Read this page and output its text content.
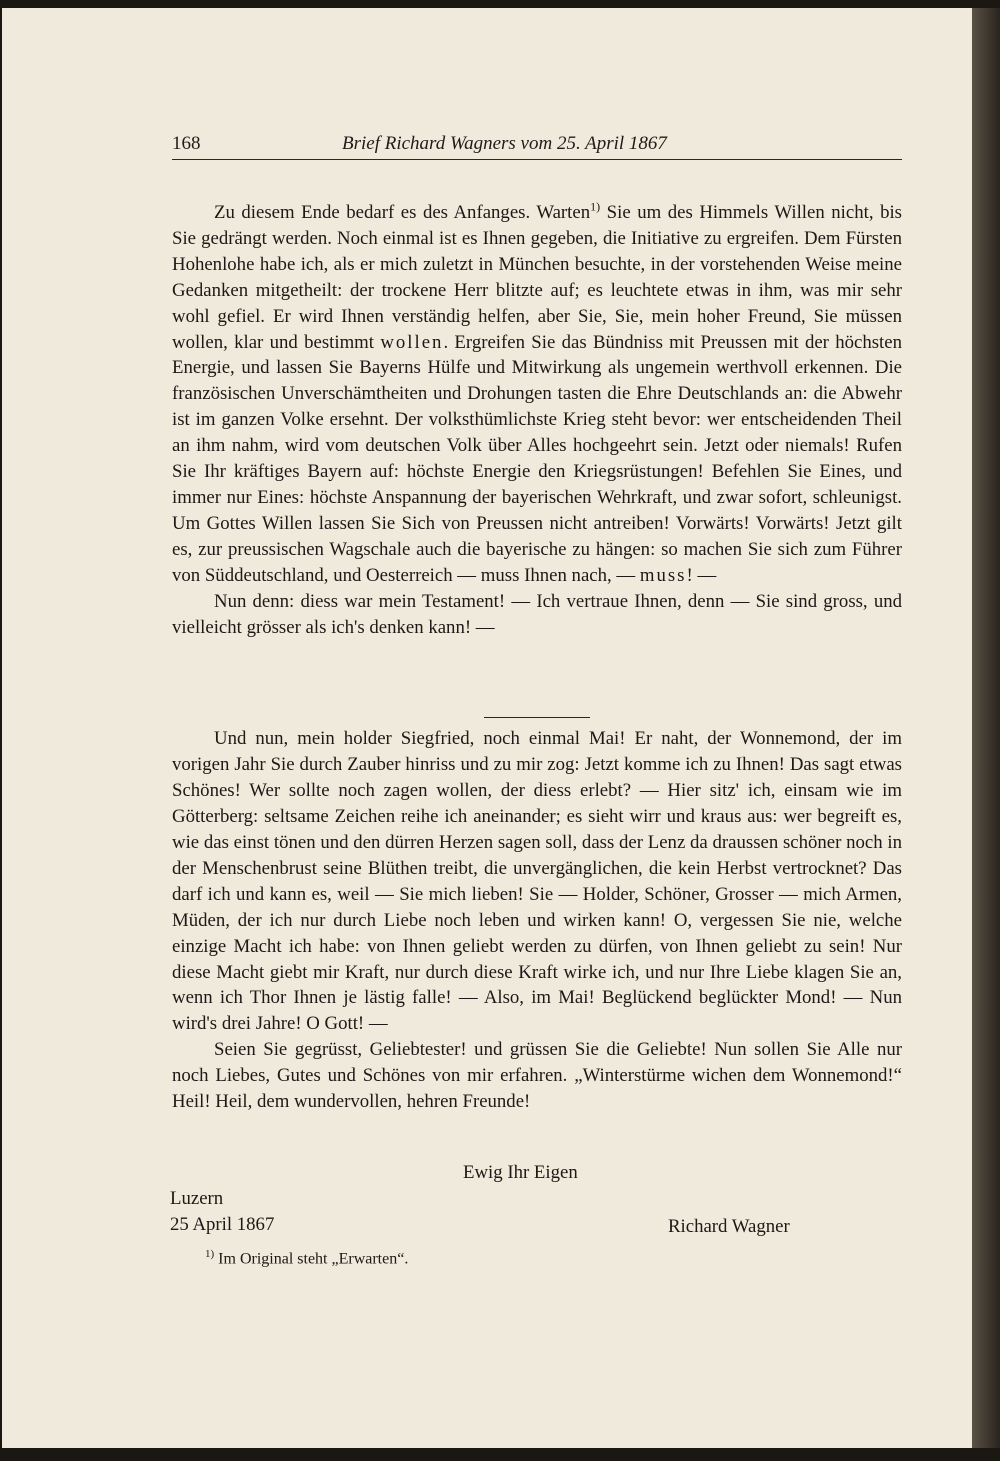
168	Brief Richard Wagners vom 25. April 1867

Zu diesem Ende bedarf es des Anfanges. Warten$^{1)}$ Sie um des Himmels Willen nicht, bis Sie gedrängt werden. Noch einmal ist es Ihnen gegeben, die Initiative zu ergreifen. Dem Fürsten Hohenlohe habe ich, als er mich zuletzt in München besuchte, in der vorstehenden Weise meine Gedanken mitgetheilt: der trockene Herr blitzte auf; es leuchtete etwas in ihm, was mir sehr wohl gefiel. Er wird Ihnen verständig helfen, aber Sie, Sie, mein hoher Freund, Sie müssen wollen, klar und bestimmt wollen. Ergreifen Sie das Bündniss mit Preussen mit der höchsten Energie, und lassen Sie Bayerns Hülfe und Mitwirkung als ungemein werthvoll erkennen. Die französischen Unverschämtheiten und Drohungen tasten die Ehre Deutschlands an: die Abwehr ist im ganzen Volke ersehnt. Der volksthümlichste Krieg steht bevor: wer entscheidenden Theil an ihm nahm, wird vom deutschen Volk über Alles hochgeehrt sein. Jetzt oder niemals! Rufen Sie Ihr kräftiges Bayern auf: höchste Energie den Kriegsrüstungen! Befehlen Sie Eines, und immer nur Eines: höchste Anspannung der bayerischen Wehrkraft, und zwar sofort, schleunigst. Um Gottes Willen lassen Sie Sich von Preussen nicht antreiben! Vorwärts! Vorwärts! Jetzt gilt es, zur preussischen Wagschale auch die bayerische zu hängen: so machen Sie sich zum Führer von Süddeutschland, und Oesterreich — muss Ihnen nach, — muss! —

Nun denn: diess war mein Testament! — Ich vertraue Ihnen, denn — Sie sind gross, und vielleicht grösser als ich's denken kann! —

Und nun, mein holder Siegfried, noch einmal Mai! Er naht, der Wonnemond, der im vorigen Jahr Sie durch Zauber hinriss und zu mir zog: Jetzt komme ich zu Ihnen! Das sagt etwas Schönes! Wer sollte noch zagen wollen, der diess erlebt? — Hier sitz' ich, einsam wie im Götterberg: seltsame Zeichen reihe ich aneinander; es sieht wirr und kraus aus: wer begreift es, wie das einst tönen und den dürren Herzen sagen soll, dass der Lenz da draussen schöner noch in der Menschenbrust seine Blüthen treibt, die unvergänglichen, die kein Herbst vertrocknet? Das darf ich und kann es, weil — Sie mich lieben! Sie — Holder, Schöner, Grosser — mich Armen, Müden, der ich nur durch Liebe noch leben und wirken kann! O, vergessen Sie nie, welche einzige Macht ich habe: von Ihnen geliebt werden zu dürfen, von Ihnen geliebt zu sein! Nur diese Macht giebt mir Kraft, nur durch diese Kraft wirke ich, und nur Ihre Liebe klagen Sie an, wenn ich Thor Ihnen je lästig falle! — Also, im Mai! Beglückend beglückter Mond! — Nun wird's drei Jahre! O Gott! —

Seien Sie gegrüsst, Geliebtester! und grüssen Sie die Geliebte! Nun sollen Sie Alle nur noch Liebes, Gutes und Schönes von mir erfahren. „Winterstürme wichen dem Wonnemond!“ Heil! Heil, dem wundervollen, hehren Freunde!

Ewig Ihr Eigen
Luzern
25 April 1867	Richard Wagner
$^{1)}$ Im Original steht „Erwarten“.
